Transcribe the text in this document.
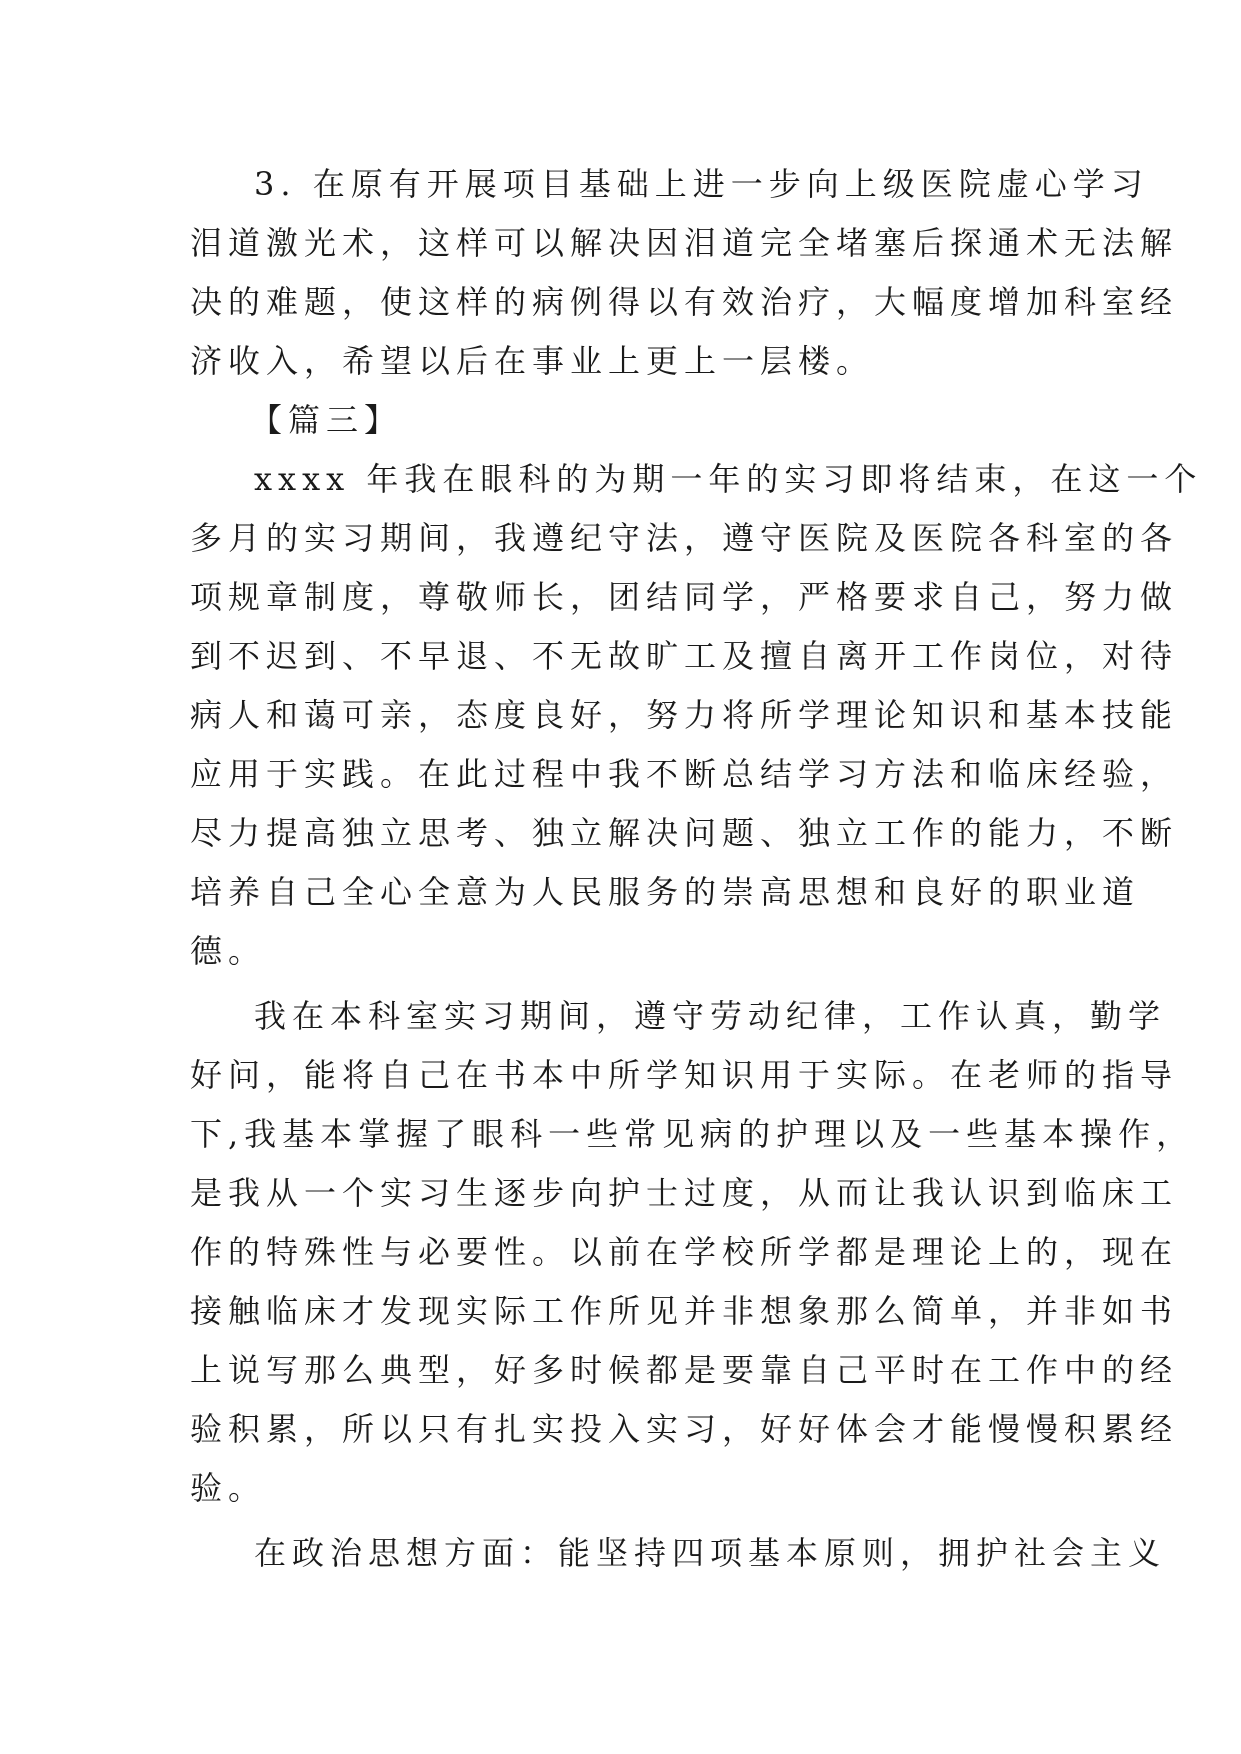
3. 在原有开展项目基础上进一步向上级医院虚心学习
泪道激光术，这样可以解决因泪道完全堵塞后探通术无法解
决的难题，使这样的病例得以有效治疗，大幅度增加科室经
济收入，希望以后在事业上更上一层楼。
【篇三】
xxxx 年我在眼科的为期一年的实习即将结束，在这一个
多月的实习期间，我遵纪守法，遵守医院及医院各科室的各
项规章制度，尊敬师长，团结同学，严格要求自己，努力做
到不迟到、不早退、不无故旷工及擅自离开工作岗位，对待
病人和蔼可亲，态度良好，努力将所学理论知识和基本技能
应用于实践。在此过程中我不断总结学习方法和临床经验，
尽力提高独立思考、独立解决问题、独立工作的能力，不断
培养自己全心全意为人民服务的崇高思想和良好的职业道
德。
我在本科室实习期间，遵守劳动纪律，工作认真，勤学
好问，能将自己在书本中所学知识用于实际。在老师的指导
下,我基本掌握了眼科一些常见病的护理以及一些基本操作，
是我从一个实习生逐步向护士过度，从而让我认识到临床工
作的特殊性与必要性。以前在学校所学都是理论上的，现在
接触临床才发现实际工作所见并非想象那么简单，并非如书
上说写那么典型，好多时候都是要靠自己平时在工作中的经
验积累，所以只有扎实投入实习，好好体会才能慢慢积累经
验。
在政治思想方面：能坚持四项基本原则，拥护社会主义
